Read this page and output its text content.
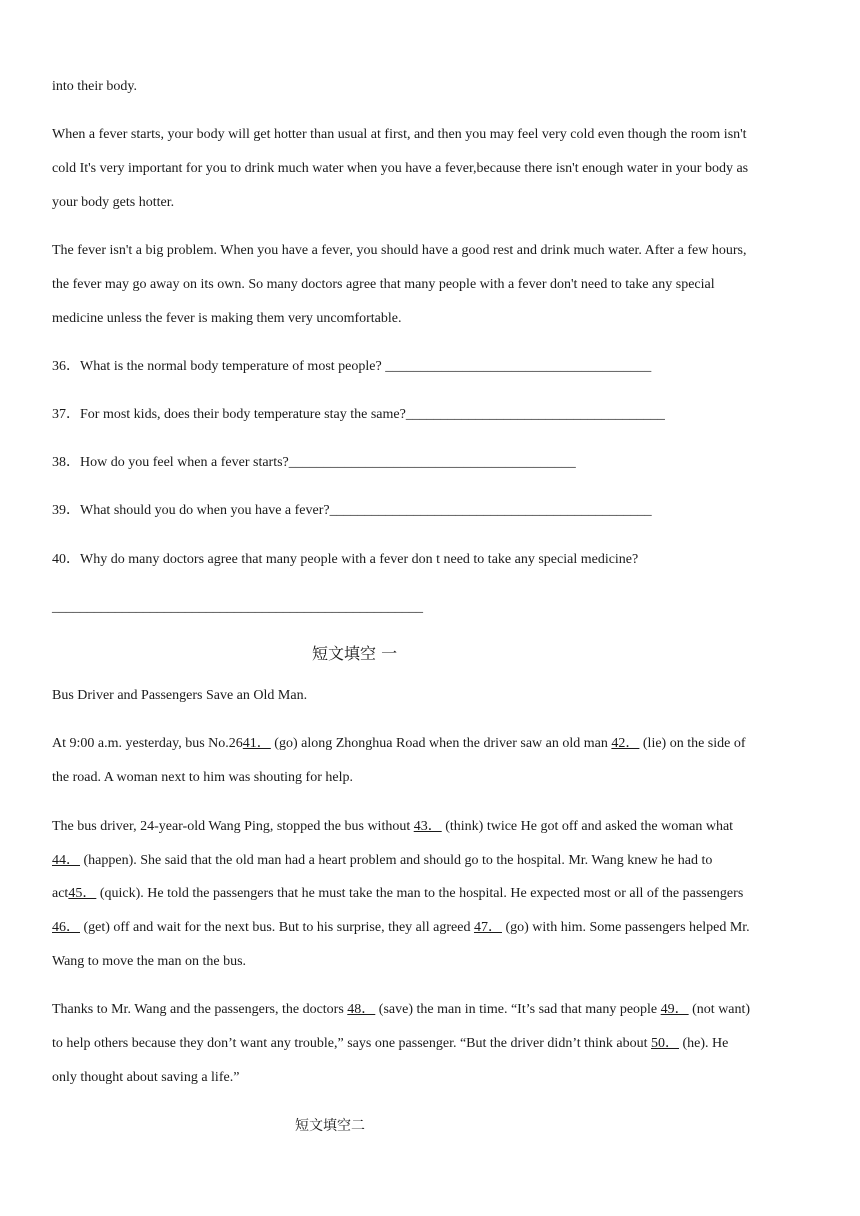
into their body.
When a fever starts, your body will get hotter than usual at first, and then you may feel very cold even though the room isn't
cold It's very important for you to drink much water when you have a fever,because there isn't enough water in your body as
your body gets hotter.
The fever isn't a big problem. When you have a fever, you should have a good rest and drink much water. After a few hours,
the fever may go away on its own. So many doctors agree that many people with a fever don't need to take any special
medicine unless the fever is making them very uncomfortable.
36．What is the normal body temperature of most people? ______________________________________
37．For most kids, does their body temperature stay the same?_____________________________________
38．How do you feel when a fever starts?_________________________________________
39．What should you do when you have a fever?______________________________________________
40．Why do many doctors agree that many people with a fever don t need to take any special medicine?
_____________________________________________________
短文填空 一
Bus Driver and Passengers Save an Old Man.
At 9:00 a.m. yesterday, bus No.2641． (go) along Zhonghua Road when the driver saw an old man 42． (lie) on the side of
the road. A woman next to him was shouting for help.
The bus driver, 24-year-old Wang Ping, stopped the bus without 43． (think) twice He got off and asked the woman what
44． (happen). She said that the old man had a heart problem and should go to the hospital. Mr. Wang knew he had to
act45． (quick). He told the passengers that he must take the man to the hospital. He expected most or all of the passengers
46． (get) off and wait for the next bus. But to his surprise, they all agreed 47． (go) with him. Some passengers helped Mr.
Wang to move the man on the bus.
Thanks to Mr. Wang and the passengers, the doctors 48． (save) the man in time. “It’s sad that many people 49． (not want)
to help others because they don’t want any trouble,” says one passenger. “But the driver didn’t think about 50． (he). He
only thought about saving a life.”
短文填空二
